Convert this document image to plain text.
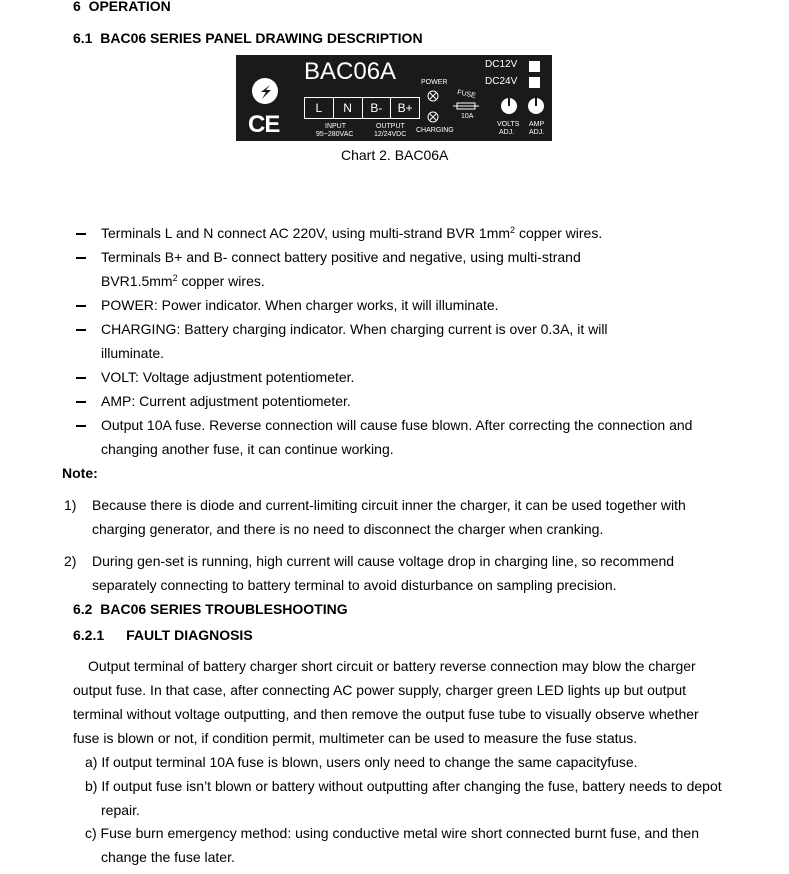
6 OPERATION
6.1 BAC06 SERIES PANEL DRAWING DESCRIPTION
CE
BAC06A
L	N	B-	B+
INPUT
95~280VAC
OUTPUT
12/24VDC
POWER
CHARGING
FUSE
10A
DC12V
DC24V
VOLTS
ADJ.
AMP
ADJ.
Chart 2. BAC06A
Terminals L and N connect AC 220V, using multi-strand BVR $1mm^2$ copper wires.
Terminals B+ and B- connect battery positive and negative, using multi-strand
$BVR1.5mm^2$ copper wires.
POWER: Power indicator. When charger works, it will illuminate.
CHARGING: Battery charging indicator. When charging current is over 0.3A, it will
illuminate.
VOLT: Voltage adjustment potentiometer.
AMP: Current adjustment potentiometer.
Output 10A fuse. Reverse connection will cause fuse blown. After correcting the connection and
changing another fuse, it can continue working.
Note:
1) Because there is diode and current-limiting circuit inner the charger, it can be used together with
charging generator, and there is no need to disconnect the charger when cranking.
2) During gen-set is running, high current will cause voltage drop in charging line, so recommend
separately connecting to battery terminal to avoid disturbance on sampling precision.
6.2 BAC06 SERIES TROUBLESHOOTING
6.2.1 FAULT DIAGNOSIS
Output terminal of battery charger short circuit or battery reverse connection may blow the charger
output fuse. In that case, after connecting AC power supply, charger green LED lights up but output
terminal without voltage outputting, and then remove the output fuse tube to visually observe whether
fuse is blown or not, if condition permit, multimeter can be used to measure the fuse status.
a) If output terminal 10A fuse is blown, users only need to change the same capacityfuse.
b) If output fuse isn’t blown or battery without outputting after changing the fuse, battery needs to depot
repair.
c) Fuse burn emergency method: using conductive metal wire short connected burnt fuse, and then
change the fuse later.
